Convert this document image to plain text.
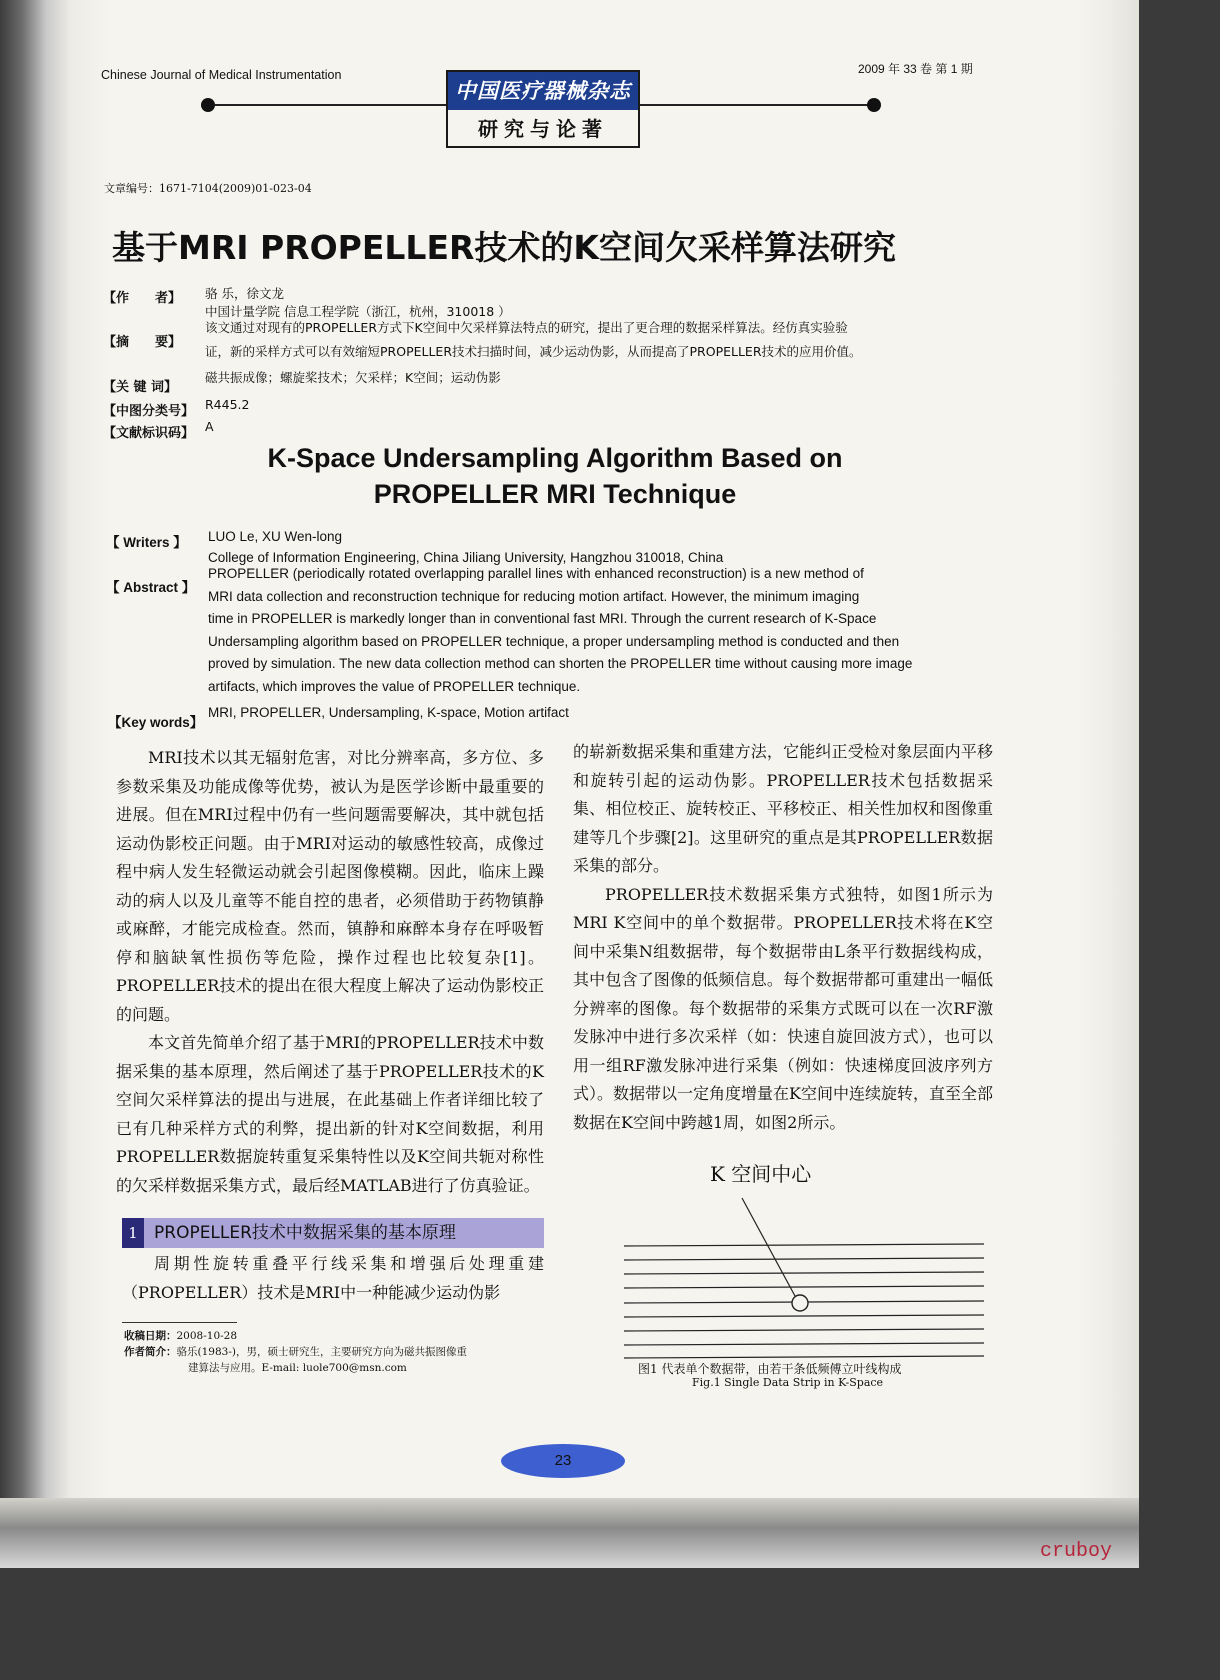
Chinese Journal of Medical Instrumentation	2009 年 33 卷 第 1 期
中国医疗器械杂志
研究与论著
文章编号：1671-7104(2009)01-023-04
基于MRI PROPELLER技术的K空间欠采样算法研究
【作　　者】 骆 乐，徐文龙
中国计量学院 信息工程学院（浙江，杭州，310018 ）
【摘　　要】
该文通过对现有的PROPELLER方式下K空间中欠采样算法特点的研究，提出了更合理的数据采样算法。经仿真实验验
证，新的采样方式可以有效缩短PROPELLER技术扫描时间，减少运动伪影，从而提高了PROPELLER技术的应用价值。
【关 键 词】
磁共振成像；螺旋桨技术；欠采样；K空间；运动伪影
【中图分类号】 R445.2
【文献标识码】 A
K-Space Undersampling Algorithm Based on
PROPELLER MRI Technique
【 Writers 】 LUO Le, XU Wen-long
College of Information Engineering, China Jiliang University, Hangzhou 310018, China
【 Abstract 】
PROPELLER (periodically rotated overlapping parallel lines with enhanced reconstruction) is a new method of
MRI data collection and reconstruction technique for reducing motion artifact. However, the minimum imaging
time in PROPELLER is markedly longer than in conventional fast MRI. Through the current research of K-Space
Undersampling algorithm based on PROPELLER technique, a proper undersampling method is conducted and then
proved by simulation. The new data collection method can shorten the PROPELLER time without causing more image
artifacts, which improves the value of PROPELLER technique.
【Key words】
MRI, PROPELLER, Undersampling, K-space, Motion artifact

MRI技术以其无辐射危害，对比分辨率高，多方位、多参数采集及功能成像等优势，被认为是医学诊断中最重要的进展。但在MRI过程中仍有一些问题需要解决，其中就包括运动伪影校正问题。由于MRI对运动的敏感性较高，成像过程中病人发生轻微运动就会引起图像模糊。因此，临床上躁动的病人以及儿童等不能自控的患者，必须借助于药物镇静或麻醉，才能完成检查。然而，镇静和麻醉本身存在呼吸暂停和脑缺氧性损伤等危险，操作过程也比较复杂[1]。PROPELLER技术的提出在很大程度上解决了运动伪影校正的问题。

本文首先简单介绍了基于MRI的PROPELLER技术中数据采集的基本原理，然后阐述了基于PROPELLER技术的K空间欠采样算法的提出与进展，在此基础上作者详细比较了已有几种采样方式的利弊，提出新的针对K空间数据，利用PROPELLER数据旋转重复采集特性以及K空间共轭对称性的欠采样数据采集方式，最后经MATLAB进行了仿真验证。

1 PROPELLER技术中数据采集的基本原理

周期性旋转重叠平行线采集和增强后处理重建（PROPELLER）技术是MRI中一种能减少运动伪影

收稿日期：2008-10-28
作者简介：骆乐(1983-)，男，硕士研究生，主要研究方向为磁共振图像重
建算法与应用。E-mail: luole700@msn.com

的崭新数据采集和重建方法，它能纠正受检对象层面内平移和旋转引起的运动伪影。PROPELLER技术包括数据采集、相位校正、旋转校正、平移校正、相关性加权和图像重建等几个步骤[2]。这里研究的重点是其PROPELLER数据采集的部分。

PROPELLER技术数据采集方式独特，如图1所示为MRI K空间中的单个数据带。PROPELLER技术将在K空间中采集N组数据带，每个数据带由L条平行数据线构成，其中包含了图像的低频信息。每个数据带都可重建出一幅低分辨率的图像。每个数据带的采集方式既可以在一次RF激发脉冲中进行多次采样（如：快速自旋回波方式），也可以用一组RF激发脉冲进行采集（例如：快速梯度回波序列方式）。数据带以一定角度增量在K空间中连续旋转，直至全部数据在K空间中跨越1周，如图2所示。

K 空间中心
图1 代表单个数据带，由若干条低频傅立叶线构成
Fig.1 Single Data Strip in K-Space
23
cruboy
